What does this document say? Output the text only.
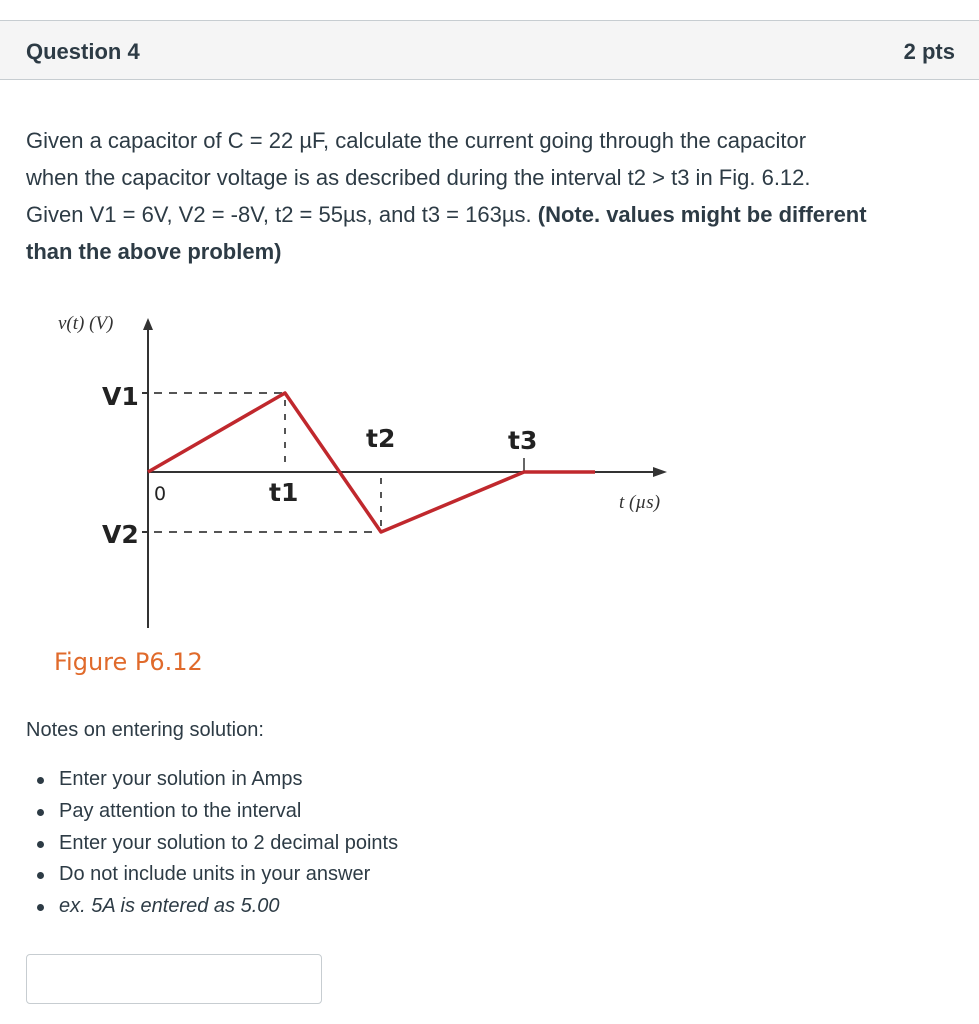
Question 4	2 pts
Given a capacitor of C = 22 µF, calculate the current going through the capacitor
when the capacitor voltage is as described during the interval t2 > t3 in Fig. 6.12.
Given V1 = 6V, V2 = -8V, t2 = 55µs, and t3 = 163µs. (Note. values might be different
than the above problem)
v(t) (V)
V1
V2
0	t1
t2	t3
t (µs)
Figure P6.12
Notes on entering solution:
Enter your solution in Amps
Pay attention to the interval
Enter your solution to 2 decimal points
Do not include units in your answer
ex. 5A is entered as 5.00
